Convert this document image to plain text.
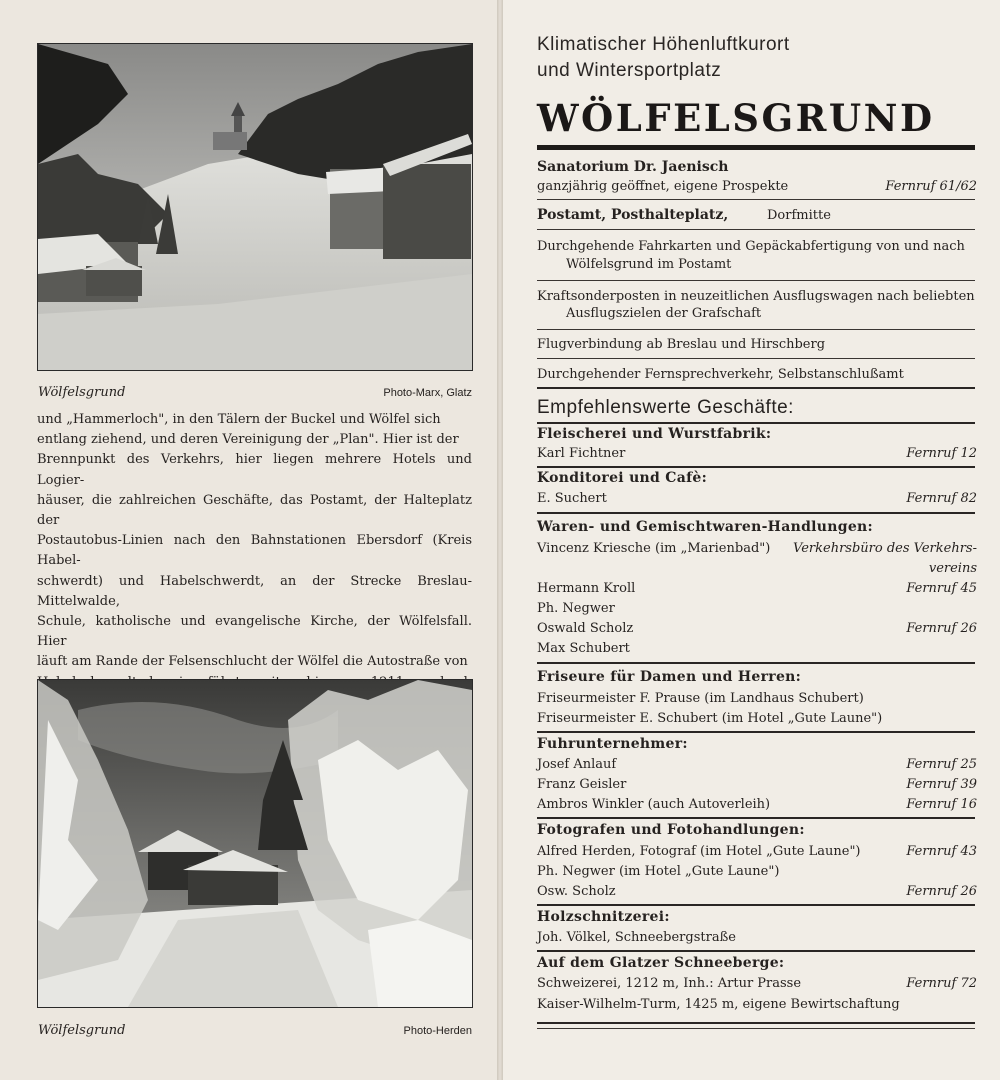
Wölfelsgrund	Photo-Marx, Glatz
und „Hammerloch", in den Tälern der Buckel und Wölfel sich
entlang ziehend, und deren Vereinigung der „Plan". Hier ist der
Brennpunkt des Verkehrs, hier liegen mehrere Hotels und Logier-
häuser, die zahlreichen Geschäfte, das Postamt, der Halteplatz der
Postautobus-Linien nach den Bahnstationen Ebersdorf (Kreis Habel-
schwerdt) und Habelschwerdt, an der Strecke Breslau-Mittelwalde,
Schule, katholische und evangelische Kirche, der Wölfelsfall. Hier
läuft am Rande der Felsenschlucht der Wölfel die Autostraße von
Wölfelsgrund	Photo-Herden
Klimatischer Höhenluftkurort
und Wintersportplatz
WÖLFELSGRUND
Sanatorium Dr. Jaenisch
ganzjährig geöffnet, eigene Prospekte	Fernruf 61/62
Postamt, Posthalteplatz,	Dorfmitte
Durchgehende Fahrkarten und Gepäckabfertigung von und nach
Wölfelsgrund im Postamt
Kraftsonderposten in neuzeitlichen Ausflugswagen nach beliebten
Ausflugszielen der Grafschaft
Flugverbindung ab Breslau und Hirschberg
Durchgehender Fernsprechverkehr, Selbstanschlußamt
Empfehlenswerte Geschäfte:
Fleischerei und Wurstfabrik:
Karl Fichtner	Fernruf 12
Konditorei und Cafè:
E. Suchert	Fernruf 82
Waren- und Gemischtwaren-Handlungen:
Vincenz Kriesche (im „Marienbad")	Verkehrsbüro des Verkehrs-
vereins
Hermann Kroll	Fernruf 45
Ph. Negwer
Oswald Scholz	Fernruf 26
Max Schubert
Friseure für Damen und Herren:
Friseurmeister F. Prause (im Landhaus Schubert)
Friseurmeister E. Schubert (im Hotel „Gute Laune")
Fuhrunternehmer:
Josef Anlauf	Fernruf 25
Franz Geisler	Fernruf 39
Ambros Winkler (auch Autoverleih)	Fernruf 16
Fotografen und Fotohandlungen:
Alfred Herden, Fotograf (im Hotel „Gute Laune")	Fernruf 43
Ph. Negwer (im Hotel „Gute Laune")
Osw. Scholz	Fernruf 26
Holzschnitzerei:
Joh. Völkel, Schneebergstraße
Auf dem Glatzer Schneeberge:
Schweizerei, 1212 m, Inh.: Artur Prasse	Fernruf 72
Kaiser-Wilhelm-Turm, 1425 m, eigene Bewirtschaftung
